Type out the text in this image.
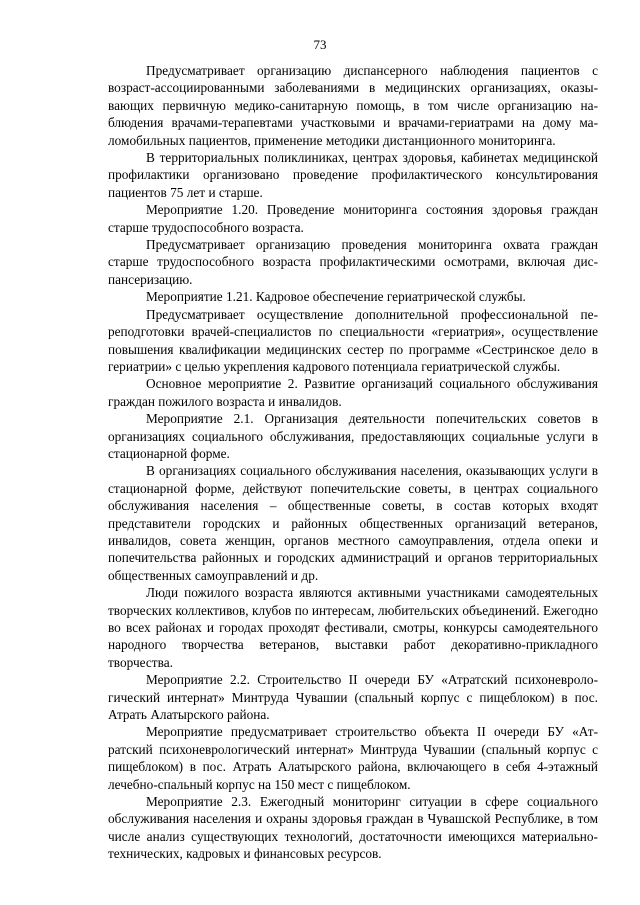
73

Предусматривает организацию диспансерного наблюдения пациентов с возраст-ассоциированными заболеваниями в медицинских организациях, оказывающих первичную медико-санитарную помощь, в том числе организацию наблюдения врачами-терапевтами участковыми и врачами-гериатрами на дому маломобильных пациентов, применение методики дистанционного мониторинга.

В территориальных поликлиниках, центрах здоровья, кабинетах медицинской профилактики организовано проведение профилактического консультирования пациентов 75 лет и старше.

Мероприятие 1.20. Проведение мониторинга состояния здоровья граждан старше трудоспособного возраста.

Предусматривает организацию проведения мониторинга охвата граждан старше трудоспособного возраста профилактическими осмотрами, включая диспансеризацию.

Мероприятие 1.21. Кадровое обеспечение гериатрической службы.

Предусматривает осуществление дополнительной профессиональной переподготовки врачей-специалистов по специальности «гериатрия», осуществление повышения квалификации медицинских сестер по программе «Сестринское дело в гериатрии» с целью укрепления кадрового потенциала гериатрической службы.

Основное мероприятие 2. Развитие организаций социального обслуживания граждан пожилого возраста и инвалидов.

Мероприятие 2.1. Организация деятельности попечительских советов в организациях социального обслуживания, предоставляющих социальные услуги в стационарной форме.

В организациях социального обслуживания населения, оказывающих услуги в стационарной форме, действуют попечительские советы, в центрах социального обслуживания населения – общественные советы, в состав которых входят представители городских и районных общественных организаций ветеранов, инвалидов, совета женщин, органов местного самоуправления, отдела опеки и попечительства районных и городских администраций и органов территориальных общественных самоуправлений и др.

Люди пожилого возраста являются активными участниками самодеятельных творческих коллективов, клубов по интересам, любительских объединений. Ежегодно во всех районах и городах проходят фестивали, смотры, конкурсы самодеятельного народного творчества ветеранов, выставки работ декоративно-прикладного творчества.

Мероприятие 2.2. Строительство II очереди БУ «Атратский психоневрологический интернат» Минтруда Чувашии (спальный корпус с пищеблоком) в пос. Атрать Алатырского района.

Мероприятие предусматривает строительство объекта II очереди БУ «Атратский психоневрологический интернат» Минтруда Чувашии (спальный корпус с пищеблоком) в пос. Атрать Алатырского района, включающего в себя 4-этажный лечебно-спальный корпус на 150 мест с пищеблоком.

Мероприятие 2.3. Ежегодный мониторинг ситуации в сфере социального обслуживания населения и охраны здоровья граждан в Чувашской Республике, в том числе анализ существующих технологий, достаточности имеющихся материально-технических, кадровых и финансовых ресурсов.
